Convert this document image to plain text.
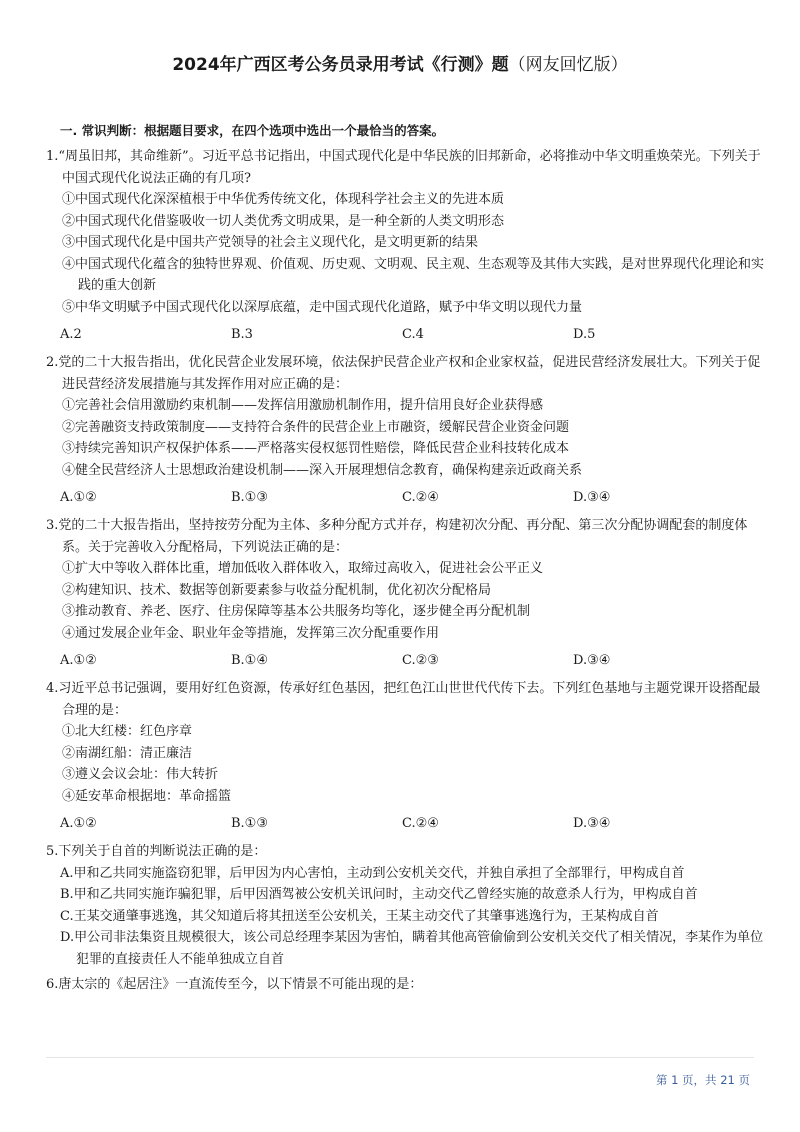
2024年广西区考公务员录用考试《行测》题（网友回忆版）
一. 常识判断：根据题目要求，在四个选项中选出一个最恰当的答案。
1.“周虽旧邦，其命维新”。习近平总书记指出，中国式现代化是中华民族的旧邦新命，必将推动中华文明重焕荣光。下列关于中国式现代化说法正确的有几项?
①中国式现代化深深植根于中华优秀传统文化，体现科学社会主义的先进本质
②中国式现代化借鉴吸收一切人类优秀文明成果，是一种全新的人类文明形态
③中国式现代化是中国共产党领导的社会主义现代化，是文明更新的结果
④中国式现代化蕴含的独特世界观、价值观、历史观、文明观、民主观、生态观等及其伟大实践，是对世界现代化理论和实践的重大创新
⑤中华文明赋予中国式现代化以深厚底蕴，走中国式现代化道路，赋予中华文明以现代力量
A.2	B.3	C.4	D.5
2.党的二十大报告指出，优化民营企业发展环境，依法保护民营企业产权和企业家权益，促进民营经济发展壮大。下列关于促进民营经济发展措施与其发挥作用对应正确的是：
①完善社会信用激励约束机制——发挥信用激励机制作用，提升信用良好企业获得感
②完善融资支持政策制度——支持符合条件的民营企业上市融资，缓解民营企业资金问题
③持续完善知识产权保护体系——严格落实侵权惩罚性赔偿，降低民营企业科技转化成本
④健全民营经济人士思想政治建设机制——深入开展理想信念教育，确保构建亲近政商关系
A.①②	B.①③	C.②④	D.③④
3.党的二十大报告指出，坚持按劳分配为主体、多种分配方式并存，构建初次分配、再分配、第三次分配协调配套的制度体系。关于完善收入分配格局，下列说法正确的是：
①扩大中等收入群体比重，增加低收入群体收入，取缔过高收入，促进社会公平正义
②构建知识、技术、数据等创新要素参与收益分配机制，优化初次分配格局
③推动教育、养老、医疗、住房保障等基本公共服务均等化，逐步健全再分配机制
④通过发展企业年金、职业年金等措施，发挥第三次分配重要作用
A.①②	B.①④	C.②③	D.③④
4.习近平总书记强调，要用好红色资源，传承好红色基因，把红色江山世世代代传下去。下列红色基地与主题党课开设搭配最合理的是：
①北大红楼：红色序章
②南湖红船：清正廉洁
③遵义会议会址：伟大转折
④延安革命根据地：革命摇篮
A.①②	B.①③	C.②④	D.③④
5.下列关于自首的判断说法正确的是：
A.甲和乙共同实施盗窃犯罪，后甲因为内心害怕，主动到公安机关交代，并独自承担了全部罪行，甲构成自首
B.甲和乙共同实施诈骗犯罪，后甲因酒驾被公安机关讯问时，主动交代乙曾经实施的故意杀人行为，甲构成自首
C.王某交通肇事逃逸，其父知道后将其扭送至公安机关，王某主动交代了其肇事逃逸行为，王某构成自首
D.甲公司非法集资且规模很大，该公司总经理李某因为害怕，瞒着其他高管偷偷到公安机关交代了相关情况，李某作为单位犯罪的直接责任人不能单独成立自首
6.唐太宗的《起居注》一直流传至今，以下情景不可能出现的是：
第 1 页，共 21 页
